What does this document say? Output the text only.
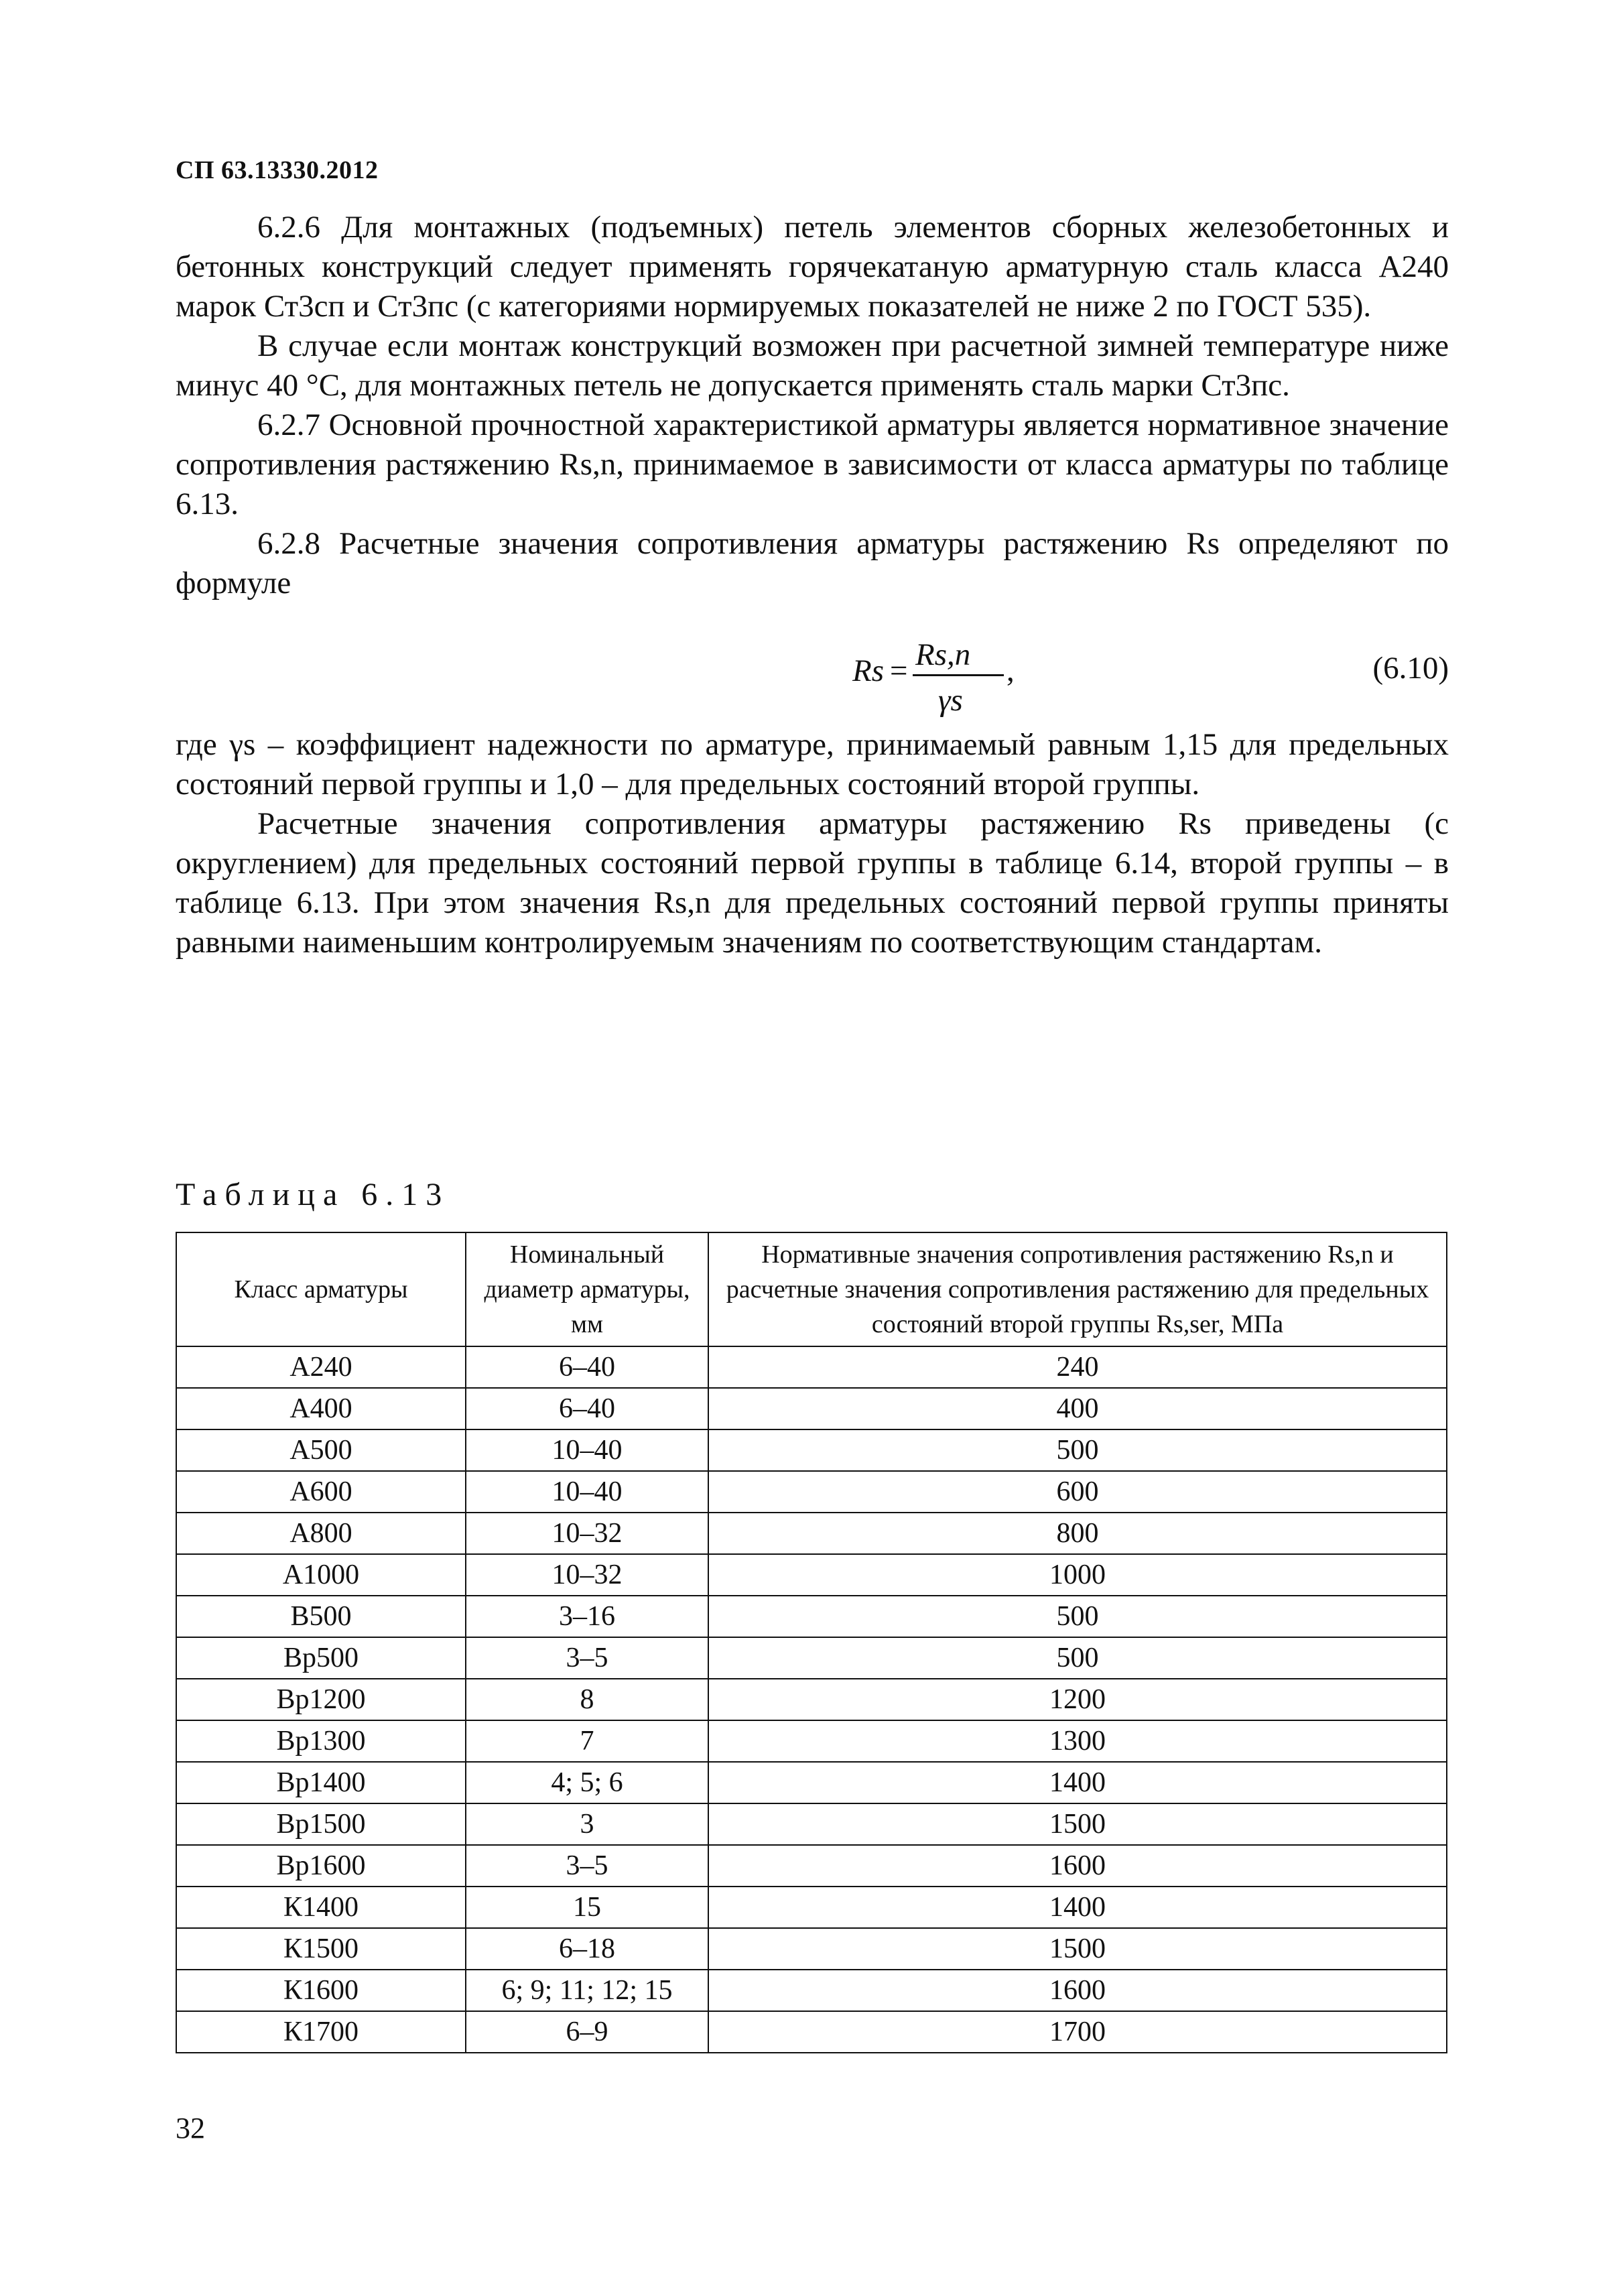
СП 63.13330.2012

6.2.6 Для монтажных (подъемных) петель элементов сборных железобетонных и бетонных конструкций следует применять горячекатаную арматурную сталь класса А240 марок Ст3сп и Ст3пс (с категориями нормируемых показателей не ниже 2 по ГОСТ 535).

В случае если монтаж конструкций возможен при расчетной зимней температуре ниже минус 40 °С, для монтажных петель не допускается применять сталь марки Ст3пс.

6.2.7 Основной прочностной характеристикой арматуры является нормативное значение сопротивления растяжению Rs,n, принимаемое в зависимости от класса арматуры по таблице 6.13.

6.2.8 Расчетные значения сопротивления арматуры растяжению Rs определяют по формуле

Rs = Rs,n
γs
,	(6.10)

где γs – коэффициент надежности по арматуре, принимаемый равным 1,15 для предельных состояний первой группы и 1,0 – для предельных состояний второй группы.

Расчетные значения сопротивления арматуры растяжению Rs приведены (с округлением) для предельных состояний первой группы в таблице 6.14, второй группы – в таблице 6.13. При этом значения Rs,n для предельных состояний первой группы приняты равными наименьшим контролируемым значениям по соответствующим стандартам.

Таблица 6.13
Класс арматуры	Номинальный диаметр арматуры, мм	Нормативные значения сопротивления растяжению Rs,n и расчетные значения сопротивления растяжению для предельных состояний второй группы Rs,ser, МПа
А240	6–40	240
А400	6–40	400
А500	10–40	500
А600	10–40	600
А800	10–32	800
А1000	10–32	1000
В500	3–16	500
Вр500	3–5	500
Вр1200	8	1200
Вр1300	7	1300
Вр1400	4; 5; 6	1400
Вр1500	3	1500
Вр1600	3–5	1600
К1400	15	1400
К1500	6–18	1500
К1600	6; 9; 11; 12; 15	1600
К1700	6–9	1700
32
